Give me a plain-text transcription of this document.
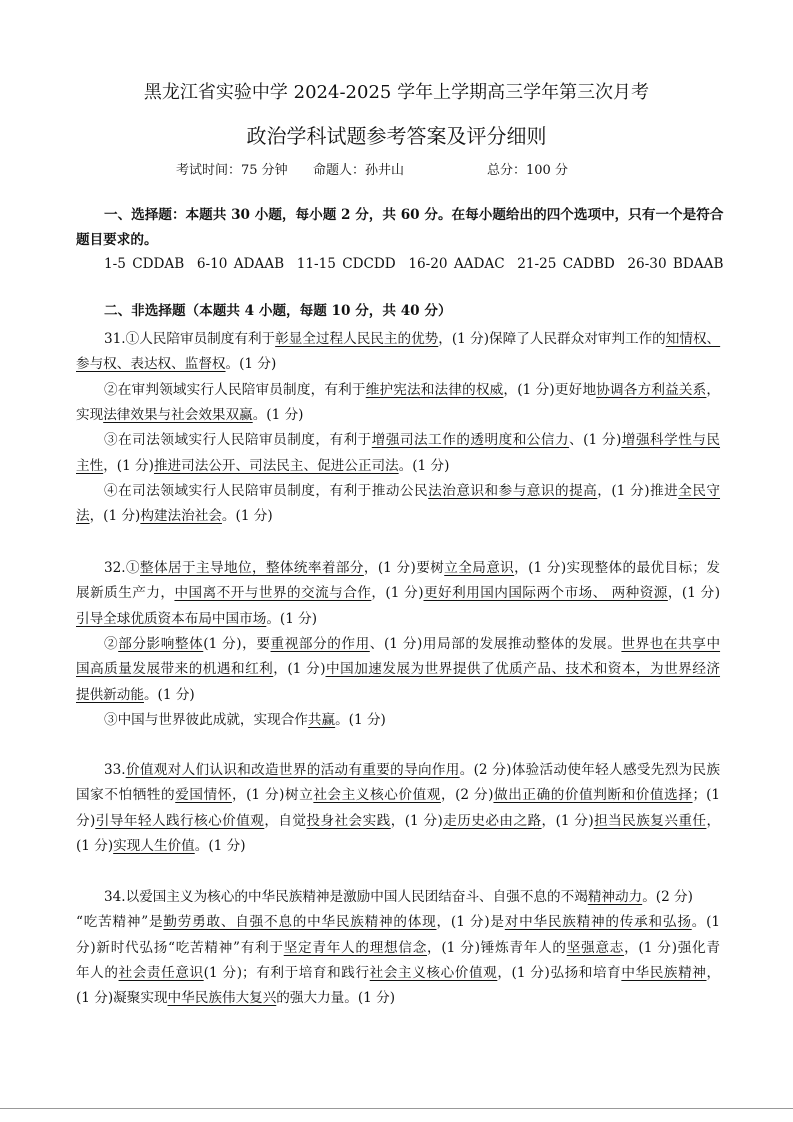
黑龙江省实验中学 2024-2025 学年上学期高三学年第三次月考
政治学科试题参考答案及评分细则
考试时间：75 分钟 命题人：孙井山	总分：100 分
一、选择题：本题共 30 小题，每小题 2 分，共 60 分。在每小题给出的四个选项中，只有一个是符合
题目要求的。
1-5 CDDAB  6-10 ADAAB  11-15 CDCDD  16-20 AADAC  21-25 CADBD  26-30 BDAAB
二、非选择题（本题共 4 小题，每题 10 分，共 40 分）
31.①人民陪审员制度有利于彰显全过程人民民主的优势，(1 分)保障了人民群众对审判工作的知情权、
参与权、表达权、监督权。(1 分)
②在审判领域实行人民陪审员制度，有利于维护宪法和法律的权威，(1 分)更好地协调各方利益关系，
实现法律效果与社会效果双赢。(1 分)
③在司法领域实行人民陪审员制度，有利于增强司法工作的透明度和公信力、(1 分)增强科学性与民
主性，(1 分)推进司法公开、司法民主、促进公正司法。(1 分)
④在司法领域实行人民陪审员制度，有利于推动公民法治意识和参与意识的提高，(1 分)推进全民守
法，(1 分)构建法治社会。(1 分)
32.①整体居于主导地位，整体统率着部分，(1 分)要树立全局意识，(1 分)实现整体的最优目标；发
展新质生产力，中国离不开与世界的交流与合作，(1 分)更好利用国内国际两个市场、 两种资源，(1 分)
引导全球优质资本布局中国市场。(1 分)
②部分影响整体(1 分)，要重视部分的作用、(1 分)用局部的发展推动整体的发展。世界也在共享中
国高质量发展带来的机遇和红利，(1 分)中国加速发展为世界提供了优质产品、技术和资本，为世界经济
提供新动能。(1 分)
③中国与世界彼此成就，实现合作共赢。(1 分)
33.价值观对人们认识和改造世界的活动有重要的导向作用。(2 分)体验活动使年轻人感受先烈为民族
国家不怕牺牲的爱国情怀，(1 分)树立社会主义核心价值观，(2 分)做出正确的价值判断和价值选择；(1
分)引导年轻人践行核心价值观，自觉投身社会实践，(1 分)走历史必由之路，(1 分)担当民族复兴重任，
(1 分)实现人生价值。(1 分)
34.以爱国主义为核心的中华民族精神是激励中国人民团结奋斗、自强不息的不竭精神动力。(2 分)
“吃苦精神”是勤劳勇敢、自强不息的中华民族精神的体现，(1 分)是对中华民族精神的传承和弘扬。(1
分)新时代弘扬“吃苦精神”有利于坚定青年人的理想信念，(1 分)锤炼青年人的坚强意志，(1 分)强化青
年人的社会责任意识(1 分)；有利于培育和践行社会主义核心价值观，(1 分)弘扬和培育中华民族精神，
(1 分)凝聚实现中华民族伟大复兴的强大力量。(1 分)
